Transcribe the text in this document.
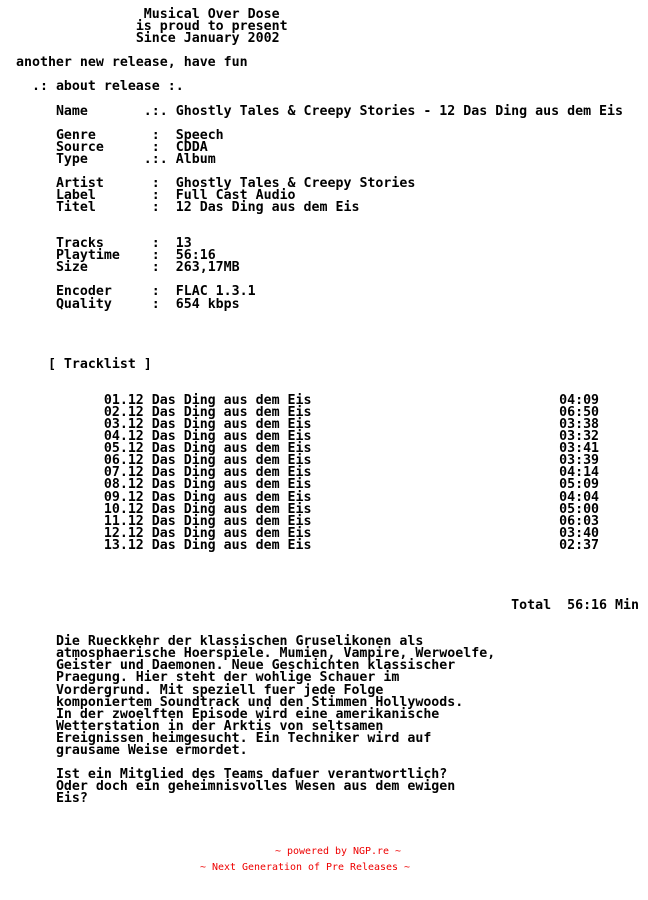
Musical Over Dose
is proud to present
Since January 2002
another new release, have fun
.: about release :.
Name	.:. Ghostly Tales & Creepy Stories - 12 Das Ding aus dem Eis
Genre	:  Speech
Source	:  CDDA
Type	.:. Album
Artist	:  Ghostly Tales & Creepy Stories
Label	:  Full Cast Audio
Titel	:  12 Das Ding aus dem Eis
Tracks	:  13
Playtime    :  56:16
Size	:  263,17MB
Encoder     :  FLAC 1.3.1
Quality     :  654 kbps
[ Tracklist ]
01.12 Das Ding aus dem Eis	04:09
02.12 Das Ding aus dem Eis	06:50
03.12 Das Ding aus dem Eis	03:38
04.12 Das Ding aus dem Eis	03:32
05.12 Das Ding aus dem Eis	03:41
06.12 Das Ding aus dem Eis	03:39
07.12 Das Ding aus dem Eis	04:14
08.12 Das Ding aus dem Eis	05:09
09.12 Das Ding aus dem Eis	04:04
10.12 Das Ding aus dem Eis	05:00
11.12 Das Ding aus dem Eis	06:03
12.12 Das Ding aus dem Eis	03:40
13.12 Das Ding aus dem Eis	02:37
Total 56:16 Min
Die Rueckkehr der klassischen Gruselikonen als
atmosphaerische Hoerspiele. Mumien, Vampire, Werwoelfe,
Geister und Daemonen. Neue Geschichten klassischer
Praegung. Hier steht der wohlige Schauer im
Vordergrund. Mit speziell fuer jede Folge
komponiertem Soundtrack und den Stimmen Hollywoods.
In der zwoelften Episode wird eine amerikanische
Wetterstation in der Arktis von seltsamen
Ereignissen heimgesucht. Ein Techniker wird auf
grausame Weise ermordet.
Ist ein Mitglied des Teams dafuer verantwortlich?
Oder doch ein geheimnisvolles Wesen aus dem ewigen
Eis?
~ powered by NGP.re ~
~ Next Generation of Pre Releases ~
